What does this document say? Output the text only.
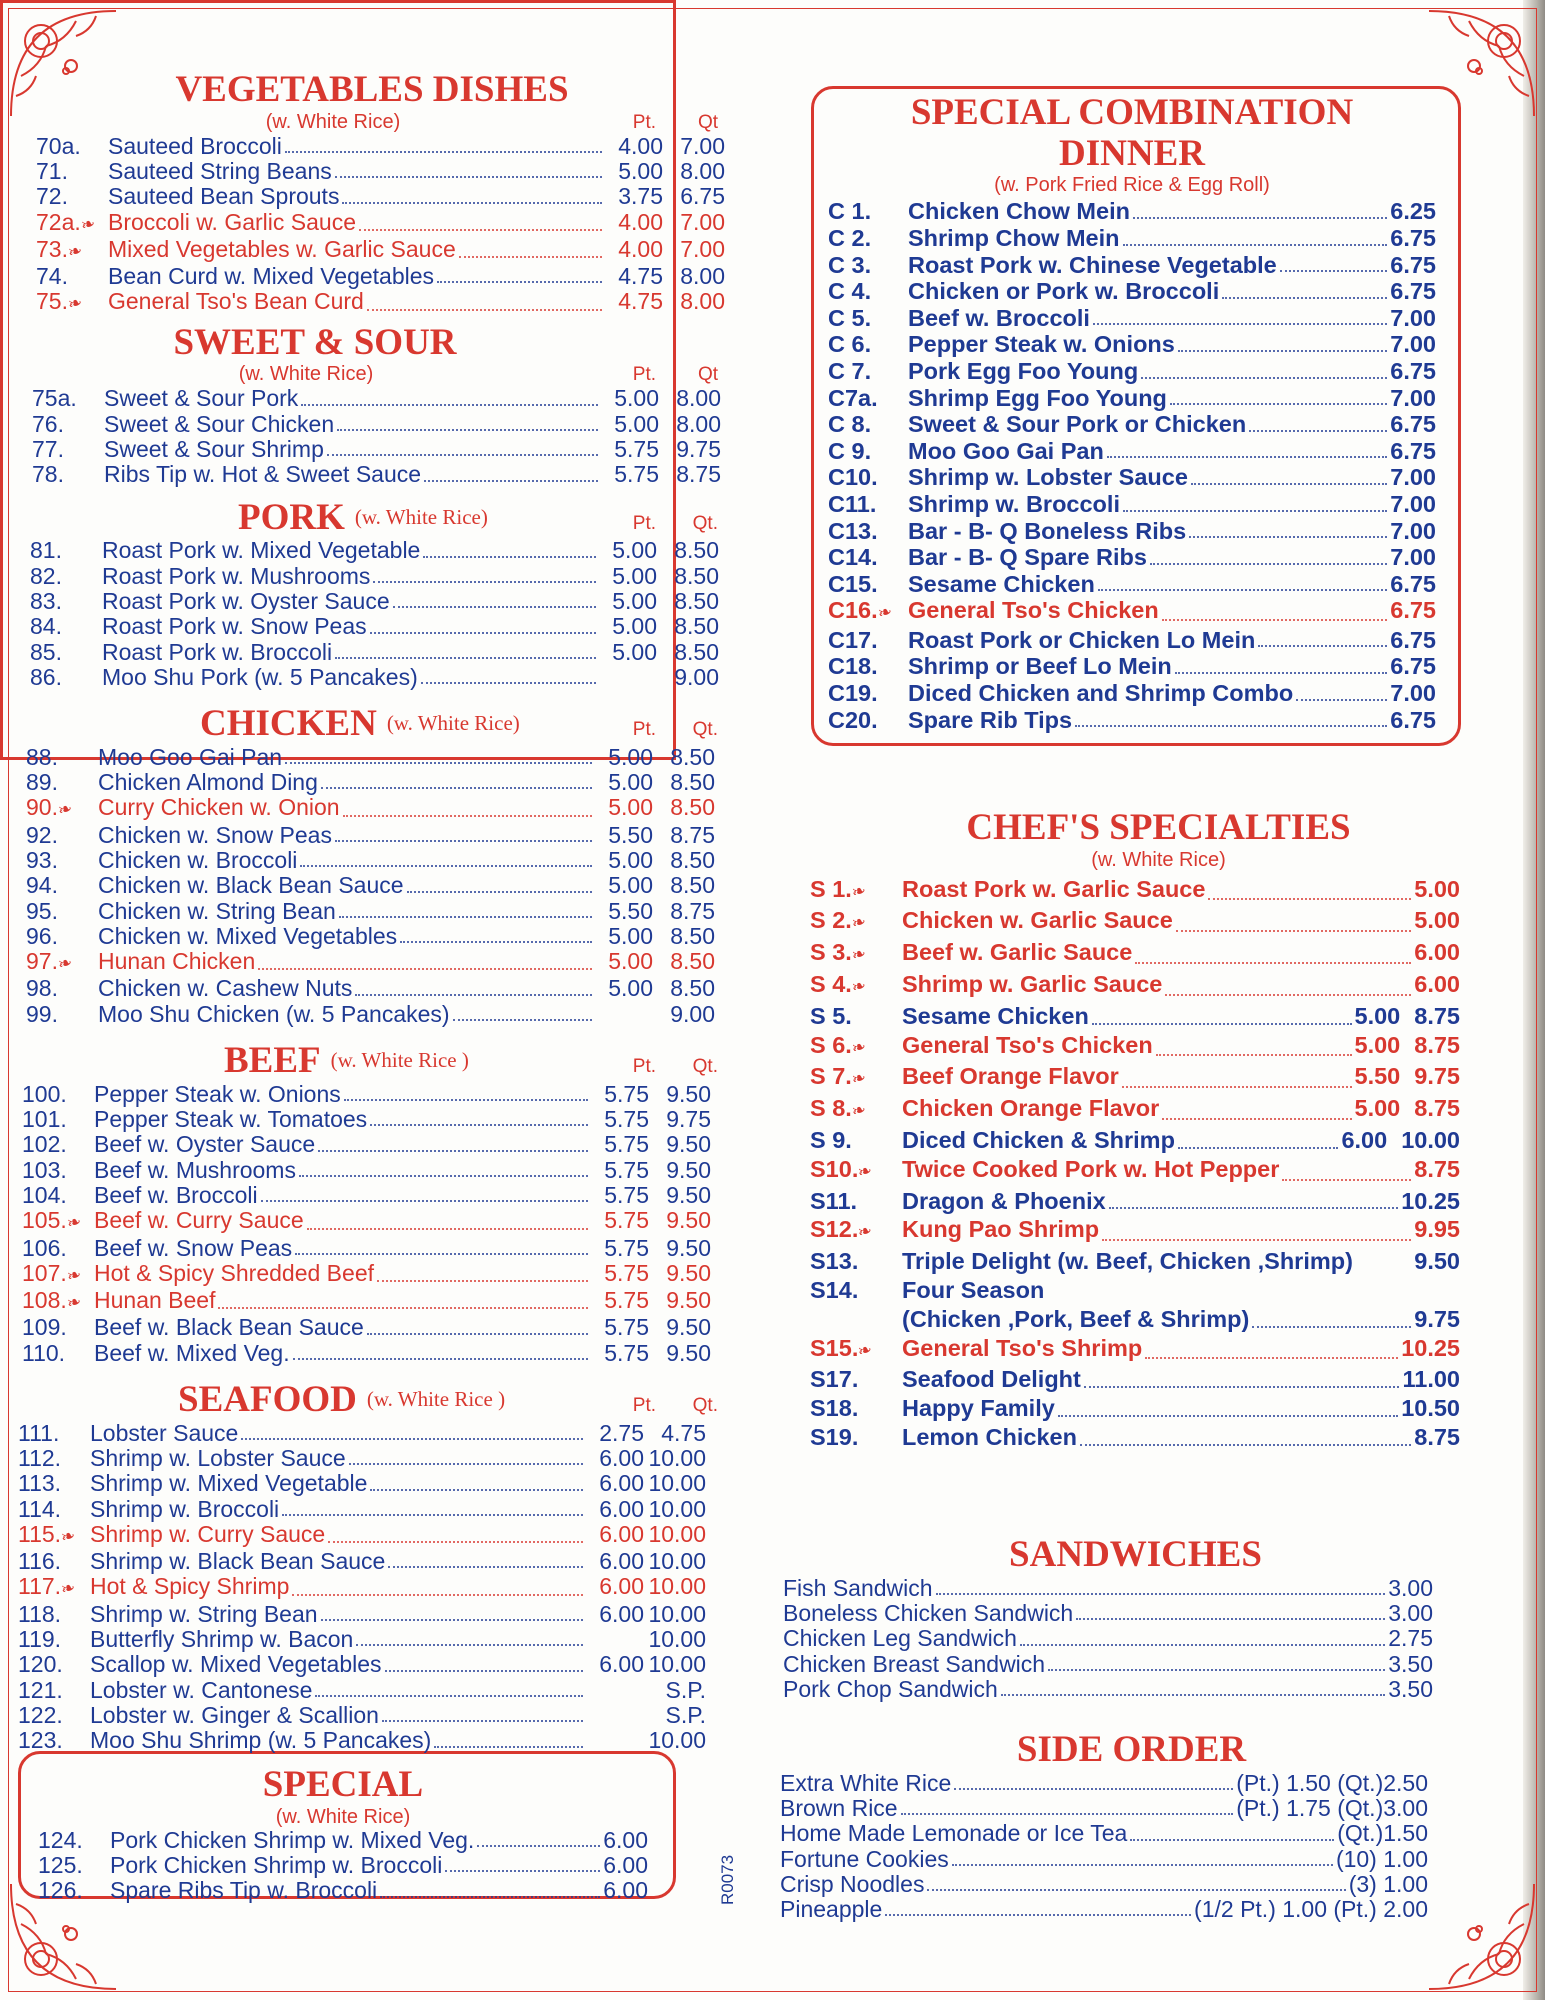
VEGETABLES DISHES
(w. White Rice)	Pt.	Qt
70a.	Sauteed Broccoli	4.00 7.00
71.	Sauteed String Beans	5.00 8.00
72.	Sauteed Bean Sprouts	3.75 6.75
72a.❧ Broccoli w. Garlic Sauce	4.00 7.00
73.❧	Mixed Vegetables w. Garlic Sauce	4.00 7.00
74.	Bean Curd w. Mixed Vegetables	4.75 8.00
75.❧	General Tso's Bean Curd	4.75 8.00
SWEET & SOUR
(w. White Rice)	Pt.	Qt
75a.	Sweet & Sour Pork	5.00 8.00
76.	Sweet & Sour Chicken	5.00 8.00
77.	Sweet & Sour Shrimp	5.75 9.75
78.	Ribs Tip w. Hot & Sweet Sauce	5.75 8.75
PORK $^{(w. White Rice)}$	Pt.	Qt.
81.	Roast Pork w. Mixed Vegetable	5.00 8.50
82.	Roast Pork w. Mushrooms	5.00 8.50
83.	Roast Pork w. Oyster Sauce	5.00 8.50
84.	Roast Pork w. Snow Peas	5.00 8.50
85.	Roast Pork w. Broccoli	5.00 8.50
86.	Moo Shu Pork (w. 5 Pancakes)	9.00
CHICKEN $^{(w. White Rice)}$	Pt.	Qt.
88.	Moo Goo Gai Pan	5.00 8.50
89.	Chicken Almond Ding	5.00 8.50
90.❧	Curry Chicken w. Onion	5.00 8.50
92.	Chicken w. Snow Peas	5.50 8.75
93.	Chicken w. Broccoli	5.00 8.50
94.	Chicken w. Black Bean Sauce	5.00 8.50
95.	Chicken w. String Bean	5.50 8.75
96.	Chicken w. Mixed Vegetables	5.00 8.50
97.❧	Hunan Chicken	5.00 8.50
98.	Chicken w. Cashew Nuts	5.00 8.50
99.	Moo Shu Chicken (w. 5 Pancakes)	9.00
BEEF $^{(w. White Rice )}$	Pt.	Qt.
100.	Pepper Steak w. Onions	5.75 9.50
101.	Pepper Steak w. Tomatoes	5.75 9.75
102.	Beef w. Oyster Sauce	5.75 9.50
103.	Beef w. Mushrooms	5.75 9.50
104.	Beef w. Broccoli	5.75 9.50
105.❧ Beef w. Curry Sauce	5.75 9.50
106.	Beef w. Snow Peas	5.75 9.50
107.❧ Hot & Spicy Shredded Beef	5.75 9.50
108.❧ Hunan Beef	5.75 9.50
109.	Beef w. Black Bean Sauce	5.75 9.50
110.	Beef w. Mixed Veg.	5.75 9.50
SEAFOOD $^{(w. White Rice )}$	Pt.	Qt.
111.	Lobster Sauce	2.75 4.75
112.	Shrimp w. Lobster Sauce	6.00 10.00
113.	Shrimp w. Mixed Vegetable	6.00 10.00
114.	Shrimp w. Broccoli	6.00 10.00
115.❧ Shrimp w. Curry Sauce	6.00 10.00
116.	Shrimp w. Black Bean Sauce	6.00 10.00
117.❧ Hot & Spicy Shrimp	6.00 10.00
118.	Shrimp w. String Bean	6.00 10.00
119.	Butterfly Shrimp w. Bacon	10.00
120.	Scallop w. Mixed Vegetables	6.00 10.00
121.	Lobster w. Cantonese	S.P.
122.	Lobster w. Ginger & Scallion	S.P.
123.	Moo Shu Shrimp (w. 5 Pancakes)	10.00
SPECIAL
(w. White Rice)
124.	Pork Chicken Shrimp w. Mixed Veg.	6.00
125.	Pork Chicken Shrimp w. Broccoli	6.00
126.	Spare Ribs Tip w. Broccoli	6.00	R0073
SPECIAL COMBINATION
DINNER
(w. Pork Fried Rice & Egg Roll)
C 1.	Chicken Chow Mein	6.25
C 2.	Shrimp Chow Mein	6.75
C 3.	Roast Pork w. Chinese Vegetable	6.75
C 4.	Chicken or Pork w. Broccoli	6.75
C 5.	Beef w. Broccoli	7.00
C 6.	Pepper Steak w. Onions	7.00
C 7.	Pork Egg Foo Young	6.75
C7a.	Shrimp Egg Foo Young	7.00
C 8.	Sweet & Sour Pork or Chicken	6.75
C 9.	Moo Goo Gai Pan	6.75
C10.	Shrimp w. Lobster Sauce	7.00
C11.	Shrimp w. Broccoli	7.00
C13.	Bar - B- Q Boneless Ribs	7.00
C14.	Bar - B- Q Spare Ribs	7.00
C15.	Sesame Chicken	6.75
C16.❧ General Tso's Chicken	6.75
C17.	Roast Pork or Chicken Lo Mein	6.75
C18.	Shrimp or Beef Lo Mein	6.75
C19.	Diced Chicken and Shrimp Combo	7.00
C20.	Spare Rib Tips	6.75
CHEF'S SPECIALTIES
(w. White Rice)
S 1.❧	Roast Pork w. Garlic Sauce	5.00
S 2.❧	Chicken w. Garlic Sauce	5.00
S 3.❧	Beef w. Garlic Sauce	6.00
S 4.❧	Shrimp w. Garlic Sauce	6.00
S 5.	Sesame Chicken	5.00 8.75
S 6.❧	General Tso's Chicken	5.00 8.75
S 7.❧	Beef Orange Flavor	5.50 9.75
S 8.❧	Chicken Orange Flavor	5.00 8.75
S 9.	Diced Chicken & Shrimp	6.00 10.00
S10.❧	Twice Cooked Pork w. Hot Pepper	8.75
S11.	Dragon & Phoenix	10.25
S12.❧	Kung Pao Shrimp	9.95
S13.	Triple Delight (w. Beef, Chicken ,Shrimp)	9.50
S14.	Four Season
(Chicken ,Pork, Beef & Shrimp)	9.75
S15.❧	General Tso's Shrimp	10.25
S17.	Seafood Delight	11.00
S18.	Happy Family	10.50
S19.	Lemon Chicken	8.75
SANDWICHES
Fish Sandwich	3.00
Boneless Chicken Sandwich	3.00
Chicken Leg Sandwich	2.75
Chicken Breast Sandwich	3.50
Pork Chop Sandwich	3.50
SIDE ORDER
Extra White Rice	(Pt.) 1.50 (Qt.)2.50
Brown Rice	(Pt.) 1.75 (Qt.)3.00
Home Made Lemonade or Ice Tea	(Qt.)1.50
Fortune Cookies	(10) 1.00
Crisp Noodles	(3) 1.00
Pineapple	(1/2 Pt.) 1.00 (Pt.) 2.00
